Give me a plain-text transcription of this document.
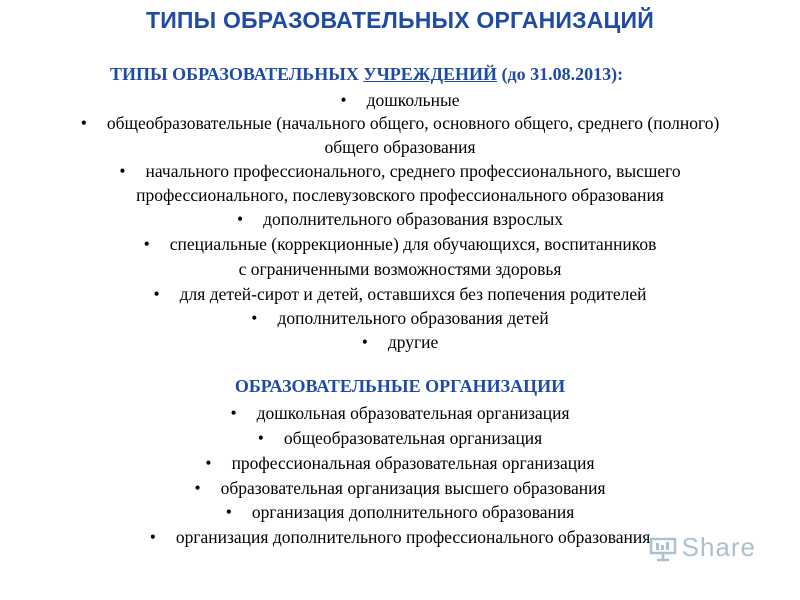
ТИПЫ ОБРАЗОВАТЕЛЬНЫХ ОРГАНИЗАЦИЙ
ТИПЫ ОБРАЗОВАТЕЛЬНЫХ УЧРЕЖДЕНИЙ (до 31.08.2013):
• дошкольные
• общеобразовательные (начального общего, основного общего, среднего (полного)
общего образования
• начального профессионального, среднего профессионального, высшего
профессионального, послевузовского профессионального образования
• дополнительного образования взрослых
• специальные (коррекционные) для обучающихся, воспитанников
с ограниченными возможностями здоровья
• для детей-сирот и детей, оставшихся без попечения родителей
• дополнительного образования детей
• другие
ОБРАЗОВАТЕЛЬНЫЕ ОРГАНИЗАЦИИ
• дошкольная образовательная организация
• общеобразовательная организация
• профессиональная образовательная организация
• образовательная организация высшего образования
• организация дополнительного образования
• организация дополнительного профессионального образования	Share
